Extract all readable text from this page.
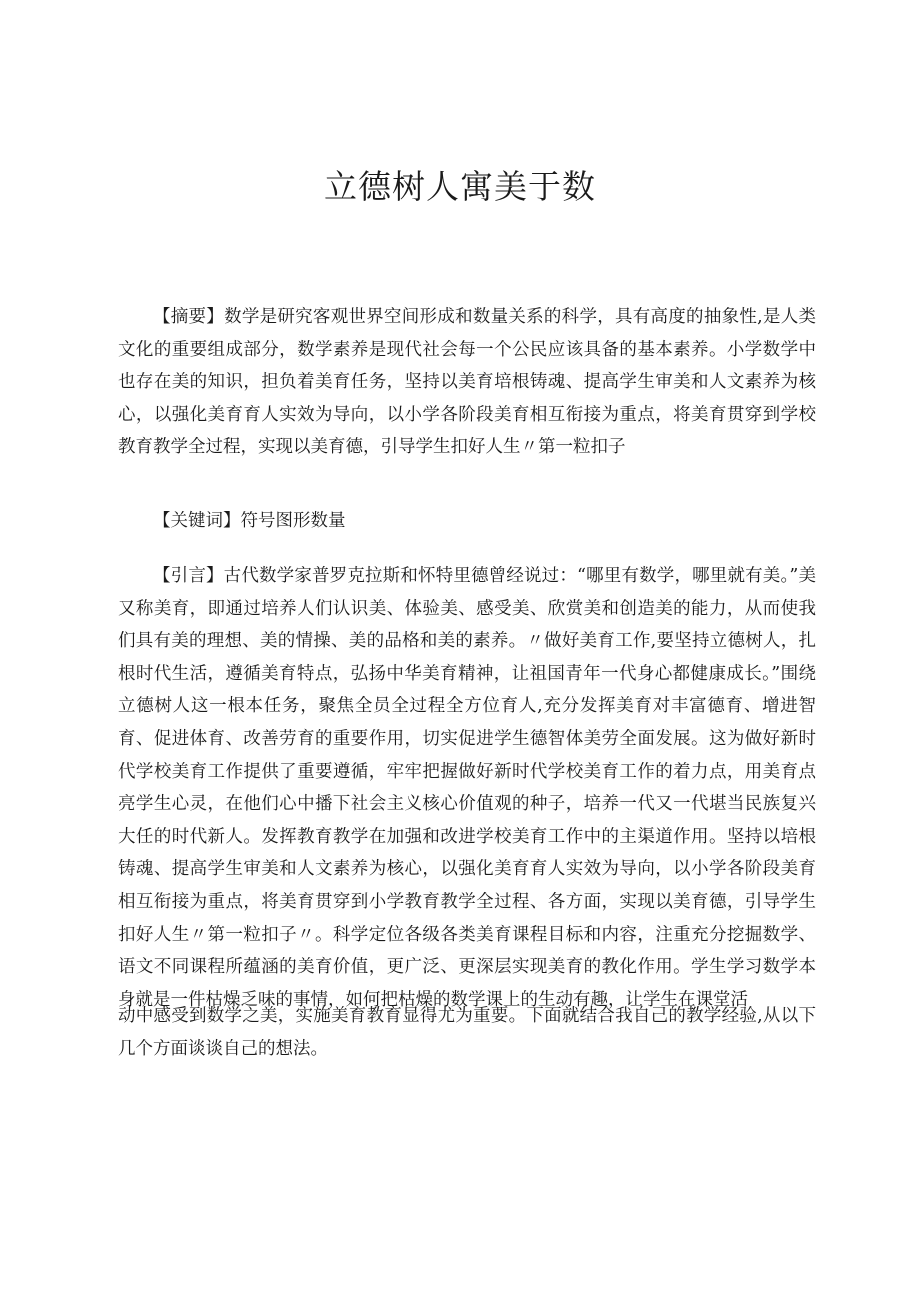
立德树人寓美于数

【摘要】数学是研究客观世界空间形成和数量关系的科学，具有高度的抽象性,是人类文化的重要组成部分，数学素养是现代社会每一个公民应该具备的基本素养。小学数学中也存在美的知识，担负着美育任务，坚持以美育培根铸魂、提高学生审美和人文素养为核心，以强化美育育人实效为导向，以小学各阶段美育相互衔接为重点，将美育贯穿到学校教育教学全过程，实现以美育德，引导学生扣好人生〃第一粒扣子

【关键词】符号图形数量

【引言】古代数学家普罗克拉斯和怀特里德曾经说过：“哪里有数学，哪里就有美。”美又称美育，即通过培养人们认识美、体验美、感受美、欣赏美和创造美的能力，从而使我们具有美的理想、美的情操、美的品格和美的素养。〃做好美育工作,要坚持立德树人，扎根时代生活，遵循美育特点，弘扬中华美育精神，让祖国青年一代身心都健康成长。”围绕立德树人这一根本任务，聚焦全员全过程全方位育人,充分发挥美育对丰富德育、增进智育、促进体育、改善劳育的重要作用，切实促进学生德智体美劳全面发展。这为做好新时代学校美育工作提供了重要遵循，牢牢把握做好新时代学校美育工作的着力点，用美育点亮学生心灵，在他们心中播下社会主义核心价值观的种子，培养一代又一代堪当民族复兴大任的时代新人。发挥教育教学在加强和改进学校美育工作中的主渠道作用。坚持以培根铸魂、提高学生审美和人文素养为核心，以强化美育育人实效为导向，以小学各阶段美育相互衔接为重点，将美育贯穿到小学教育教学全过程、各方面，实现以美育德，引导学生扣好人生〃第一粒扣子〃。科学定位各级各类美育课程目标和内容，注重充分挖掘数学、语文不同课程所蕴涵的美育价值，更广泛、更深层实现美育的教化作用。学生学习数学本身就是一件枯燥乏味的事情，如何把枯燥的数学课上的生动有趣，让学生在课堂活

动中感受到数学之美，实施美育教育显得尤为重要。下面就结合我自己的教学经验,从以下几个方面谈谈自己的想法。
